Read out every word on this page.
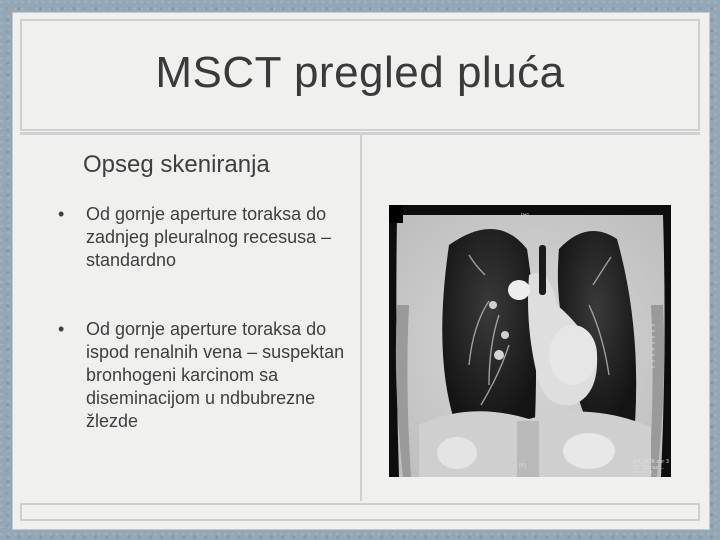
MSCT pregled pluća
Opseg skeniranja
• Od gornje aperture toraksa do zadnjeg pleuralnog recesusa – standardno
• Od gornje aperture toraksa do ispod renalnih vena – suspektan bronhogeni karcinom sa diseminacijom u ndbubrezne žlezde
[H]
[F]
e/T, MPR cor 3
PE Thorax ...
CT CP P...
